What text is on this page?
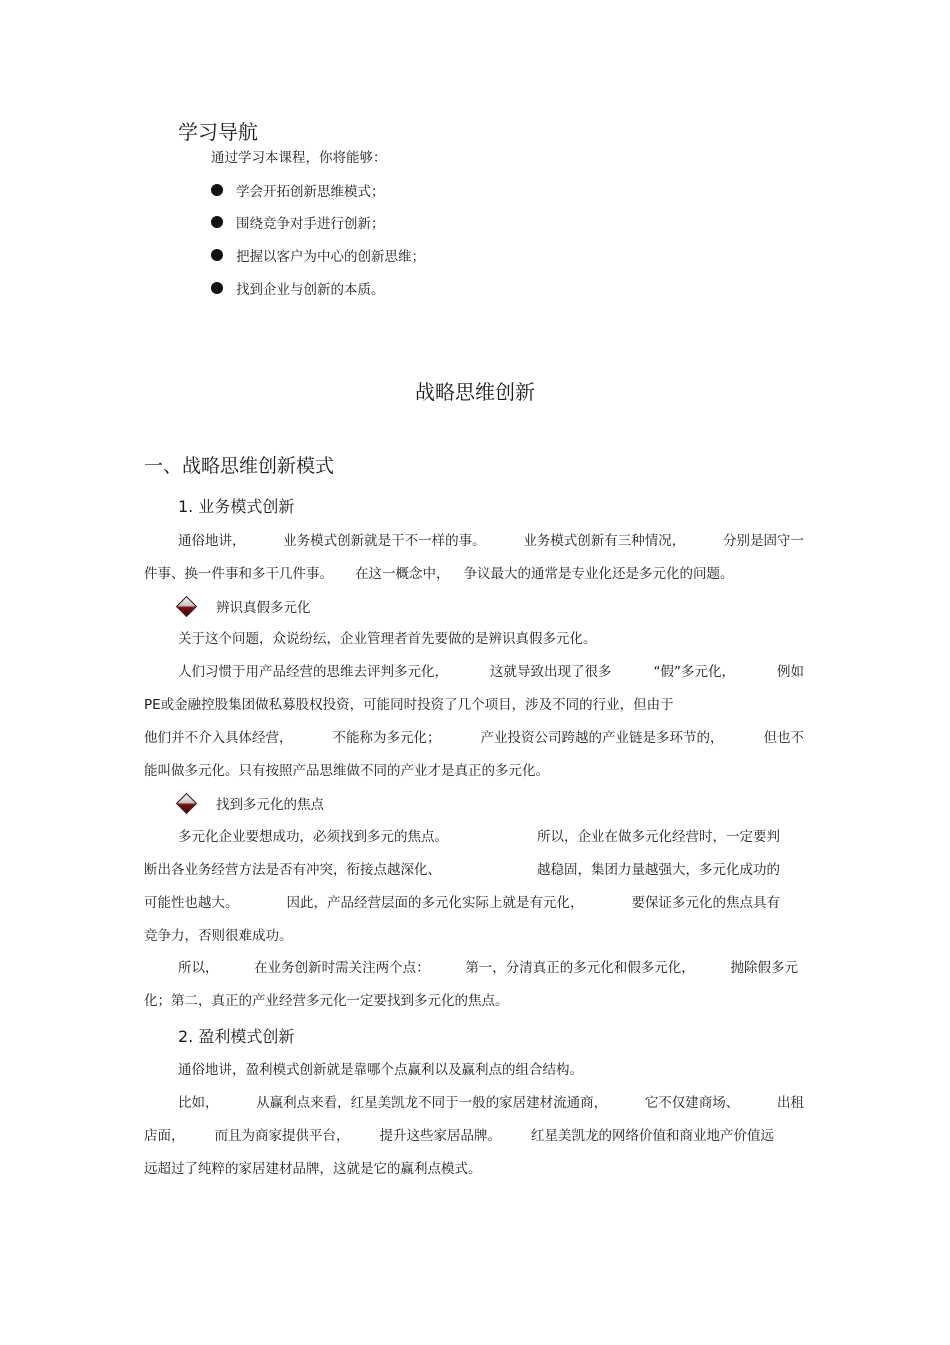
学习导航
通过学习本课程，你将能够：
学会开拓创新思维模式；
围绕竞争对手进行创新；
把握以客户为中心的创新思维；
找到企业与创新的本质。
战略思维创新
一、战略思维创新模式
1. 业务模式创新
通俗地讲，	业务模式创新就是干不一样的事。	业务模式创新有三种情况，	分别是固守一
件事、换一件事和多干几件事。 在这一概念中， 争议最大的通常是专业化还是多元化的问题。
辨识真假多元化
关于这个问题，众说纷纭，企业管理者首先要做的是辨识真假多元化。
人们习惯于用产品经营的思维去评判多元化，	这就导致出现了很多	“假”多元化，	例如
PE或金融控股集团做私募股权投资，可能同时投资了几个项目，涉及不同的行业，但由于
他们并不介入具体经营，	不能称为多元化；	产业投资公司跨越的产业链是多环节的，	但也不
能叫做多元化。只有按照产品思维做不同的产业才是真正的多元化。
找到多元化的焦点
多元化企业要想成功，必须找到多元的焦点。	所以，企业在做多元化经营时，一定要判
断出各业务经营方法是否有冲突，衔接点越深化、	越稳固，集团力量越强大，多元化成功的
可能性也越大。	因此，产品经营层面的多元化实际上就是有元化，	要保证多元化的焦点具有
竞争力，否则很难成功。
所以，	在业务创新时需关注两个点：	第一，分清真正的多元化和假多元化，	抛除假多元
化；第二，真正的产业经营多元化一定要找到多元化的焦点。
2. 盈利模式创新
通俗地讲，盈利模式创新就是靠哪个点赢利以及赢利点的组合结构。
比如，	从赢利点来看，红星美凯龙不同于一般的家居建材流通商，	它不仅建商场、	出租
店面， 而且为商家提供平台， 提升这些家居品牌。 红星美凯龙的网络价值和商业地产价值远
远超过了纯粹的家居建材品牌，这就是它的赢利点模式。
